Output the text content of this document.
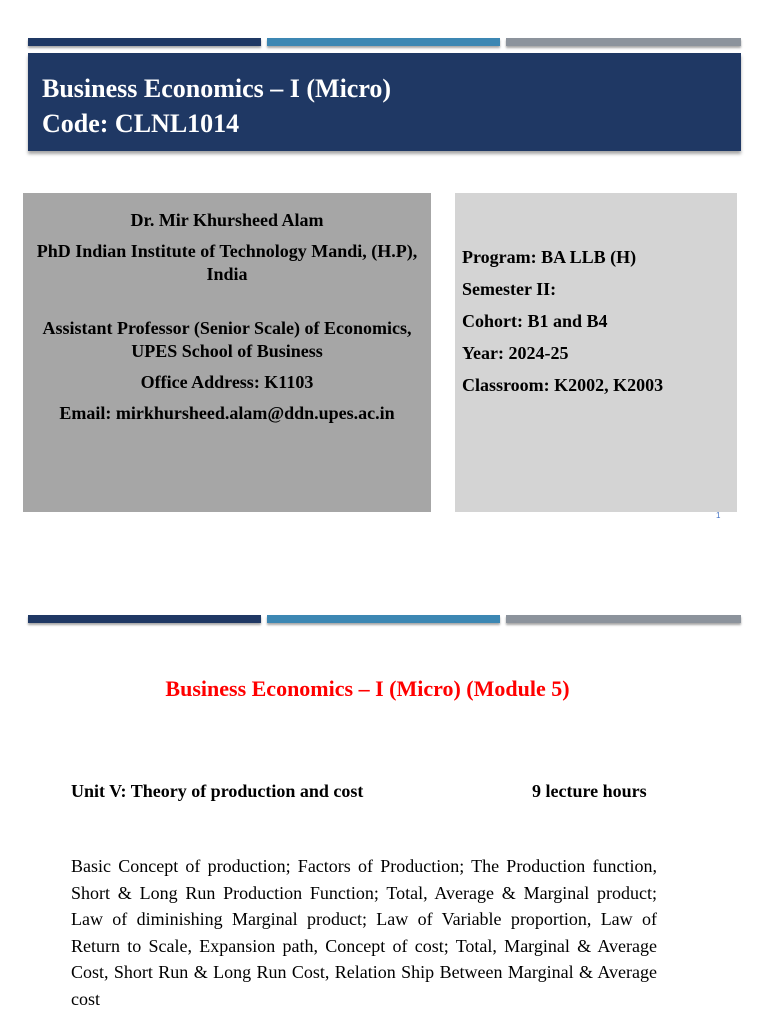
Business Economics – I (Micro)
Code: CLNL1014

Dr. Mir Khursheed Alam

PhD Indian Institute of Technology Mandi, (H.P), India

Assistant Professor (Senior Scale) of Economics, UPES School of Business

Office Address: K1103

Email: mirkhursheed.alam@ddn.upes.ac.in

Program: BA LLB (H)

Semester II:

Cohort: B1 and B4

Year: 2024-25

Classroom: K2002, K2003

1
Business Economics – I (Micro) (Module 5)
Unit V: Theory of production and cost	9 lecture hours
Basic Concept of production; Factors of Production; The Production function, Short & Long Run Production Function; Total, Average & Marginal product; Law of diminishing Marginal product; Law of Variable proportion, Law of Return to Scale, Expansion path, Concept of cost; Total, Marginal & Average Cost, Short Run & Long Run Cost, Relation Ship Between Marginal & Average cost
